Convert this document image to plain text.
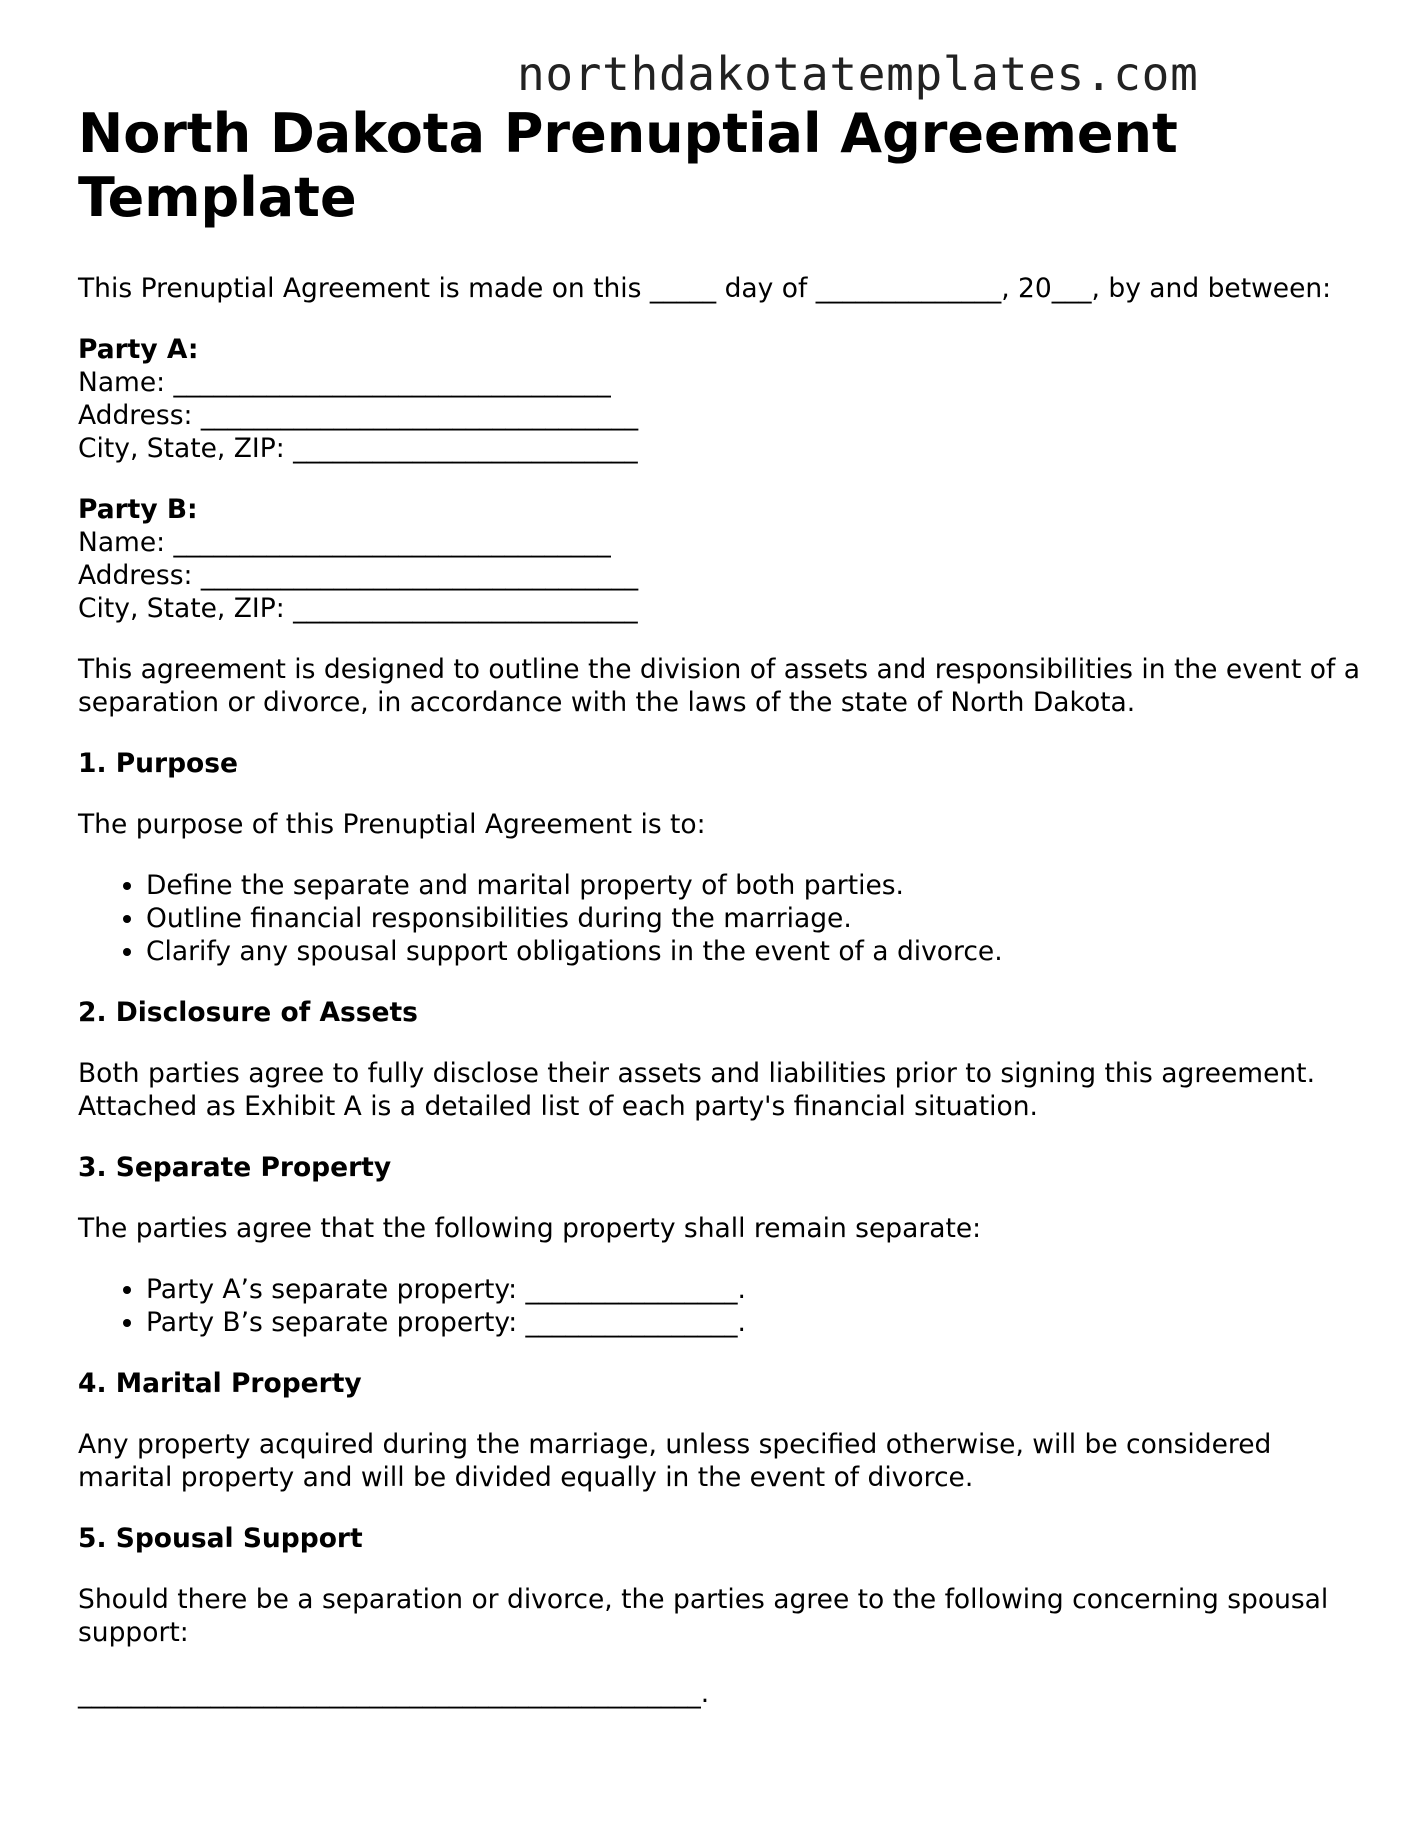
northdakotatemplates.com
North Dakota Prenuptial Agreement Template

This Prenuptial Agreement is made on this _____ day of ______________, 20___, by and between:

Party A:

Name: _________________________________

Address: _________________________________

City, State, ZIP: __________________________

Party B:

Name: _________________________________

Address: _________________________________

City, State, ZIP: __________________________

This agreement is designed to outline the division of assets and responsibilities in the event of a separation or divorce, in accordance with the laws of the state of North Dakota.

1. Purpose

The purpose of this Prenuptial Agreement is to:

• Define the separate and marital property of both parties.
• Outline financial responsibilities during the marriage.
• Clarify any spousal support obligations in the event of a divorce.
2. Disclosure of Assets

Both parties agree to fully disclose their assets and liabilities prior to signing this agreement. Attached as Exhibit A is a detailed list of each party's financial situation.

3. Separate Property

The parties agree that the following property shall remain separate:

• Party A’s separate property: ________________.
• Party B’s separate property: ________________.
4. Marital Property

Any property acquired during the marriage, unless specified otherwise, will be considered marital property and will be divided equally in the event of divorce.

5. Spousal Support

Should there be a separation or divorce, the parties agree to the following concerning spousal support:

_______________________________________________.
